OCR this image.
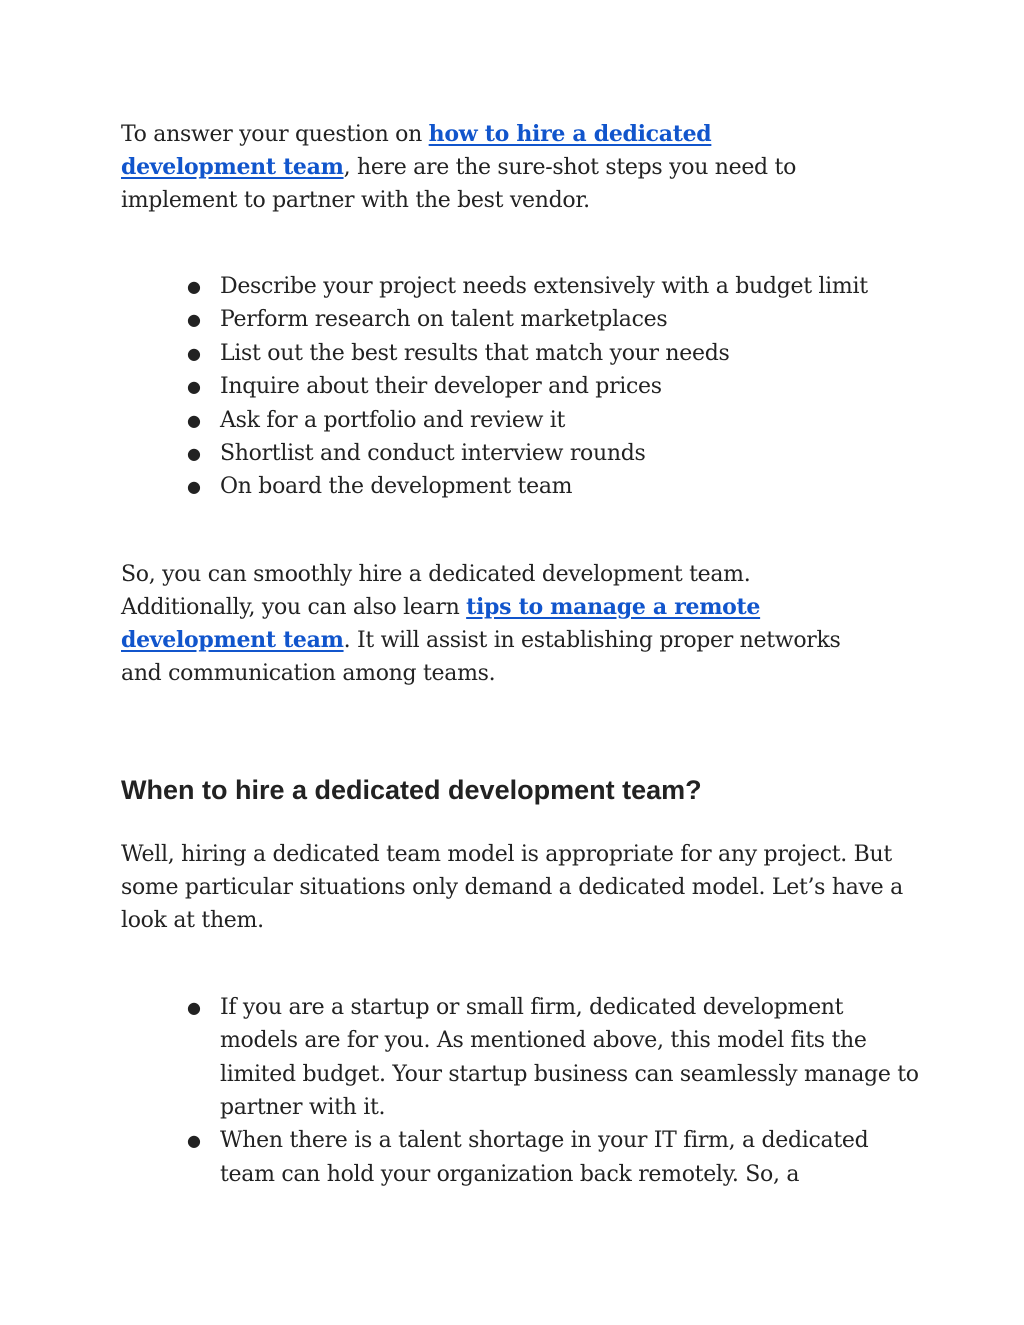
To answer your question on how to hire a dedicated development team, here are the sure-shot steps you need to implement to partner with the best vendor.

● Describe your project needs extensively with a budget limit
● Perform research on talent marketplaces
● List out the best results that match your needs
● Inquire about their developer and prices
● Ask for a portfolio and review it
● Shortlist and conduct interview rounds
● On board the development team

So, you can smoothly hire a dedicated development team. Additionally, you can also learn tips to manage a remote development team. It will assist in establishing proper networks and communication among teams.

When to hire a dedicated development team?

Well, hiring a dedicated team model is appropriate for any project. But some particular situations only demand a dedicated model. Let’s have a look at them.

● If you are a startup or small firm, dedicated development models are for you. As mentioned above, this model fits the limited budget. Your startup business can seamlessly manage to partner with it.
● When there is a talent shortage in your IT firm, a dedicated team can hold your organization back remotely. So, a
